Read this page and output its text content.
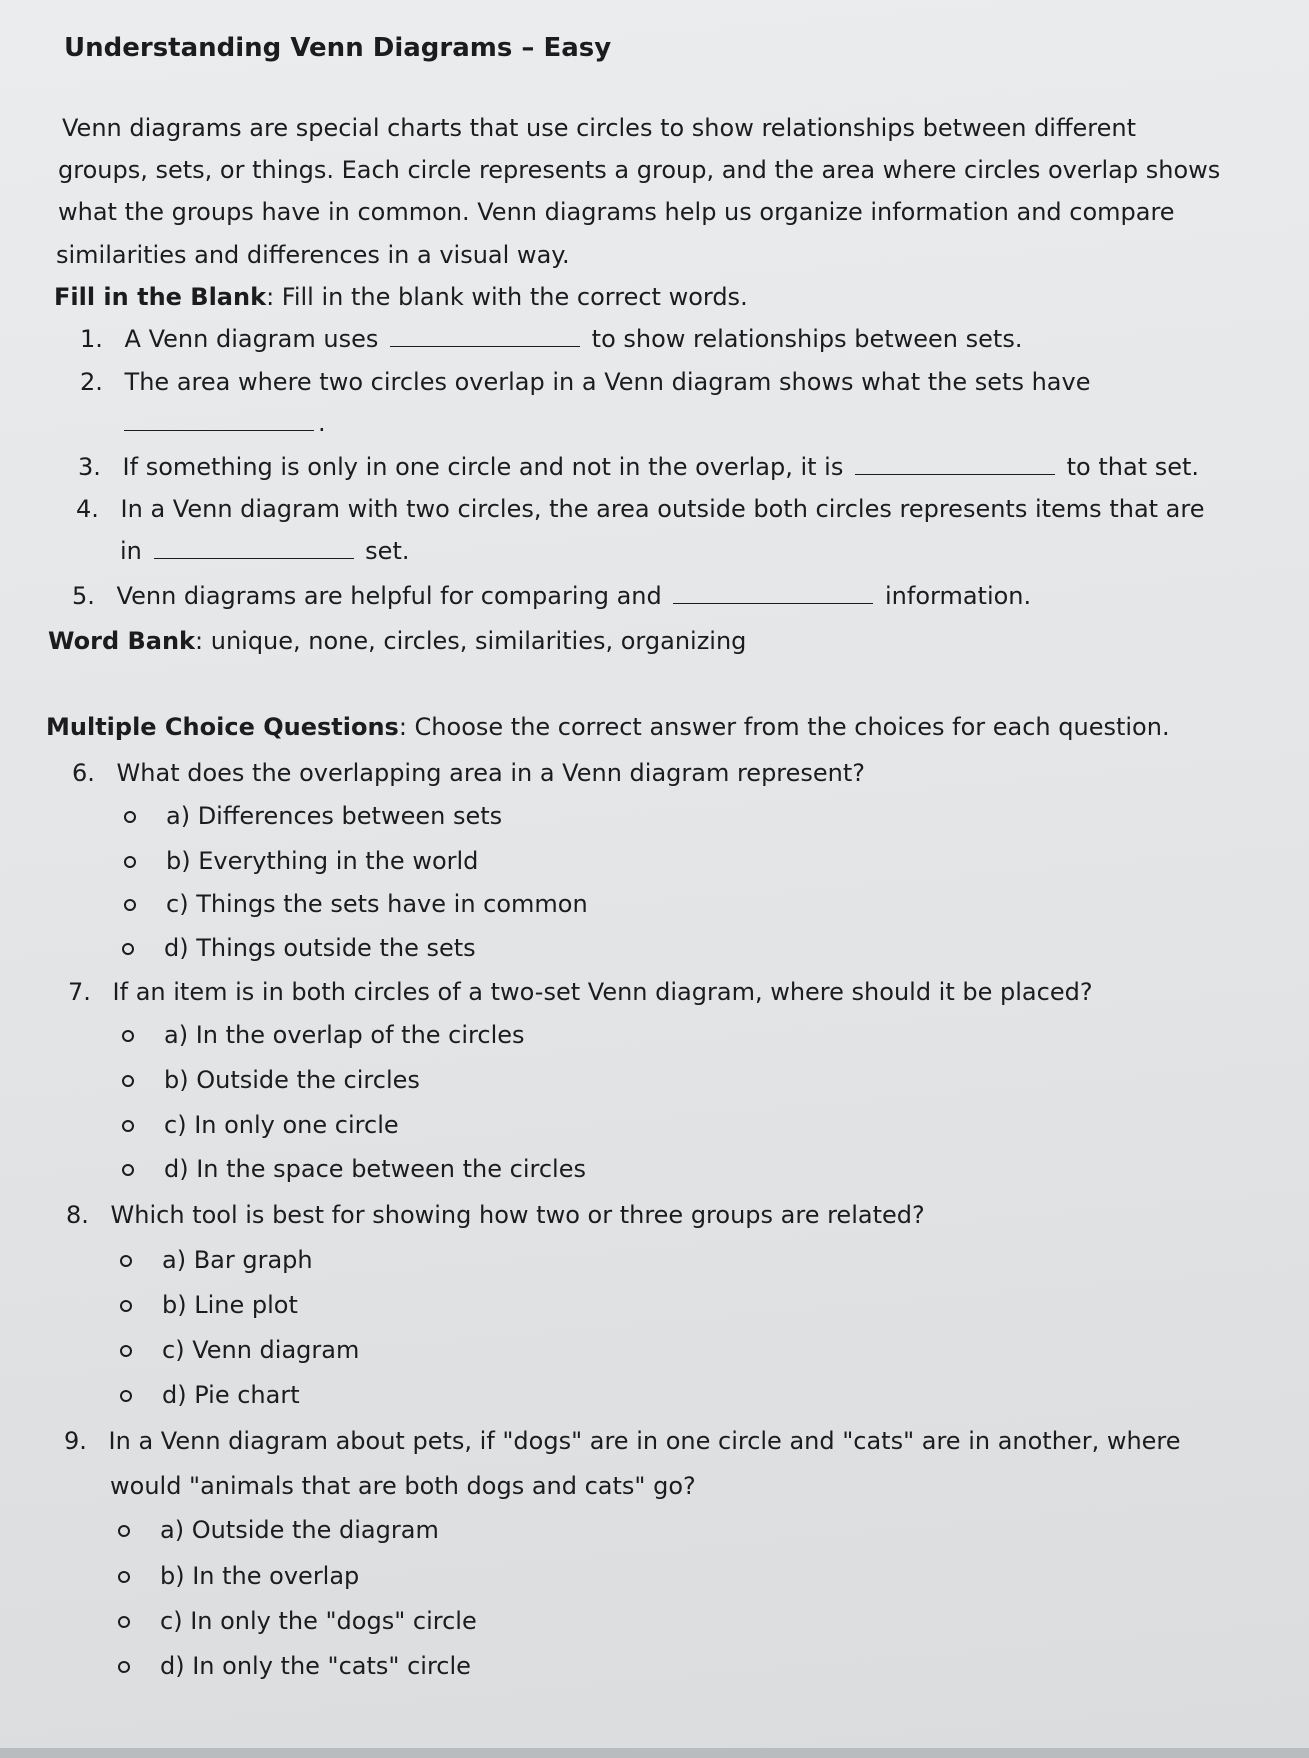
Understanding Venn Diagrams – Easy
Venn diagrams are special charts that use circles to show relationships between different
groups, sets, or things. Each circle represents a group, and the area where circles overlap shows
what the groups have in common. Venn diagrams help us organize information and compare
similarities and differences in a visual way.
Fill in the Blank: Fill in the blank with the correct words.
1. A Venn diagram uses	to show relationships between sets.
2. The area where two circles overlap in a Venn diagram shows what the sets have
.
3. If something is only in one circle and not in the overlap, it is	to that set.
4. In a Venn diagram with two circles, the area outside both circles represents items that are
in	set.
5. Venn diagrams are helpful for comparing and	information.
Word Bank: unique, none, circles, similarities, organizing
Multiple Choice Questions: Choose the correct answer from the choices for each question.
6. What does the overlapping area in a Venn diagram represent?
a) Differences between sets
b) Everything in the world
c) Things the sets have in common
d) Things outside the sets
7. If an item is in both circles of a two-set Venn diagram, where should it be placed?
a) In the overlap of the circles
b) Outside the circles
c) In only one circle
d) In the space between the circles
8. Which tool is best for showing how two or three groups are related?
a) Bar graph
b) Line plot
c) Venn diagram
d) Pie chart
9. In a Venn diagram about pets, if "dogs" are in one circle and "cats" are in another, where
would "animals that are both dogs and cats" go?
a) Outside the diagram
b) In the overlap
c) In only the "dogs" circle
d) In only the "cats" circle
